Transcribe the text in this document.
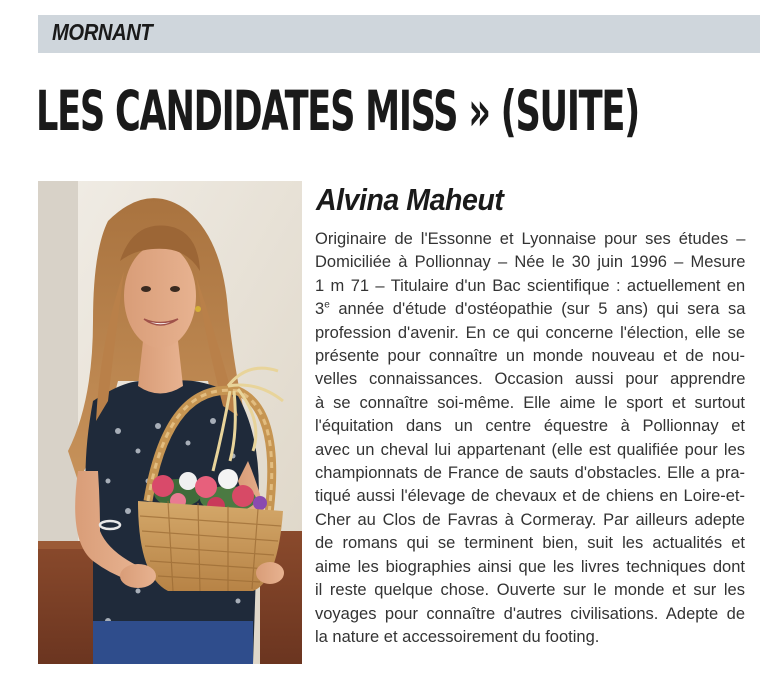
MORNANT
LES CANDIDATES MISS » (SUITE)
Alvina Maheut
Originaire de l'Essonne et Lyonnaise pour ses études –
Domiciliée à Pollionnay – Née le 30 juin 1996 – Mesure
1 m 71 – Titulaire d'un Bac scientifique : actuellement en
3e année d'étude d'ostéopathie (sur 5 ans) qui sera sa
profession d'avenir. En ce qui concerne l'élection, elle se
présente pour connaître un monde nouveau et de nou-
velles connaissances. Occasion aussi pour apprendre
à se connaître soi-même. Elle aime le sport et surtout
l'équitation dans un centre équestre à Pollionnay et
avec un cheval lui appartenant (elle est qualifiée pour les
championnats de France de sauts d'obstacles. Elle a pra-
tiqué aussi l'élevage de chevaux et de chiens en Loire-et-
Cher au Clos de Favras à Cormeray. Par ailleurs adepte
de romans qui se terminent bien, suit les actualités et
aime les biographies ainsi que les livres techniques dont
il reste quelque chose. Ouverte sur le monde et sur les
voyages pour connaître d'autres civilisations. Adepte de
la nature et accessoirement du footing.
